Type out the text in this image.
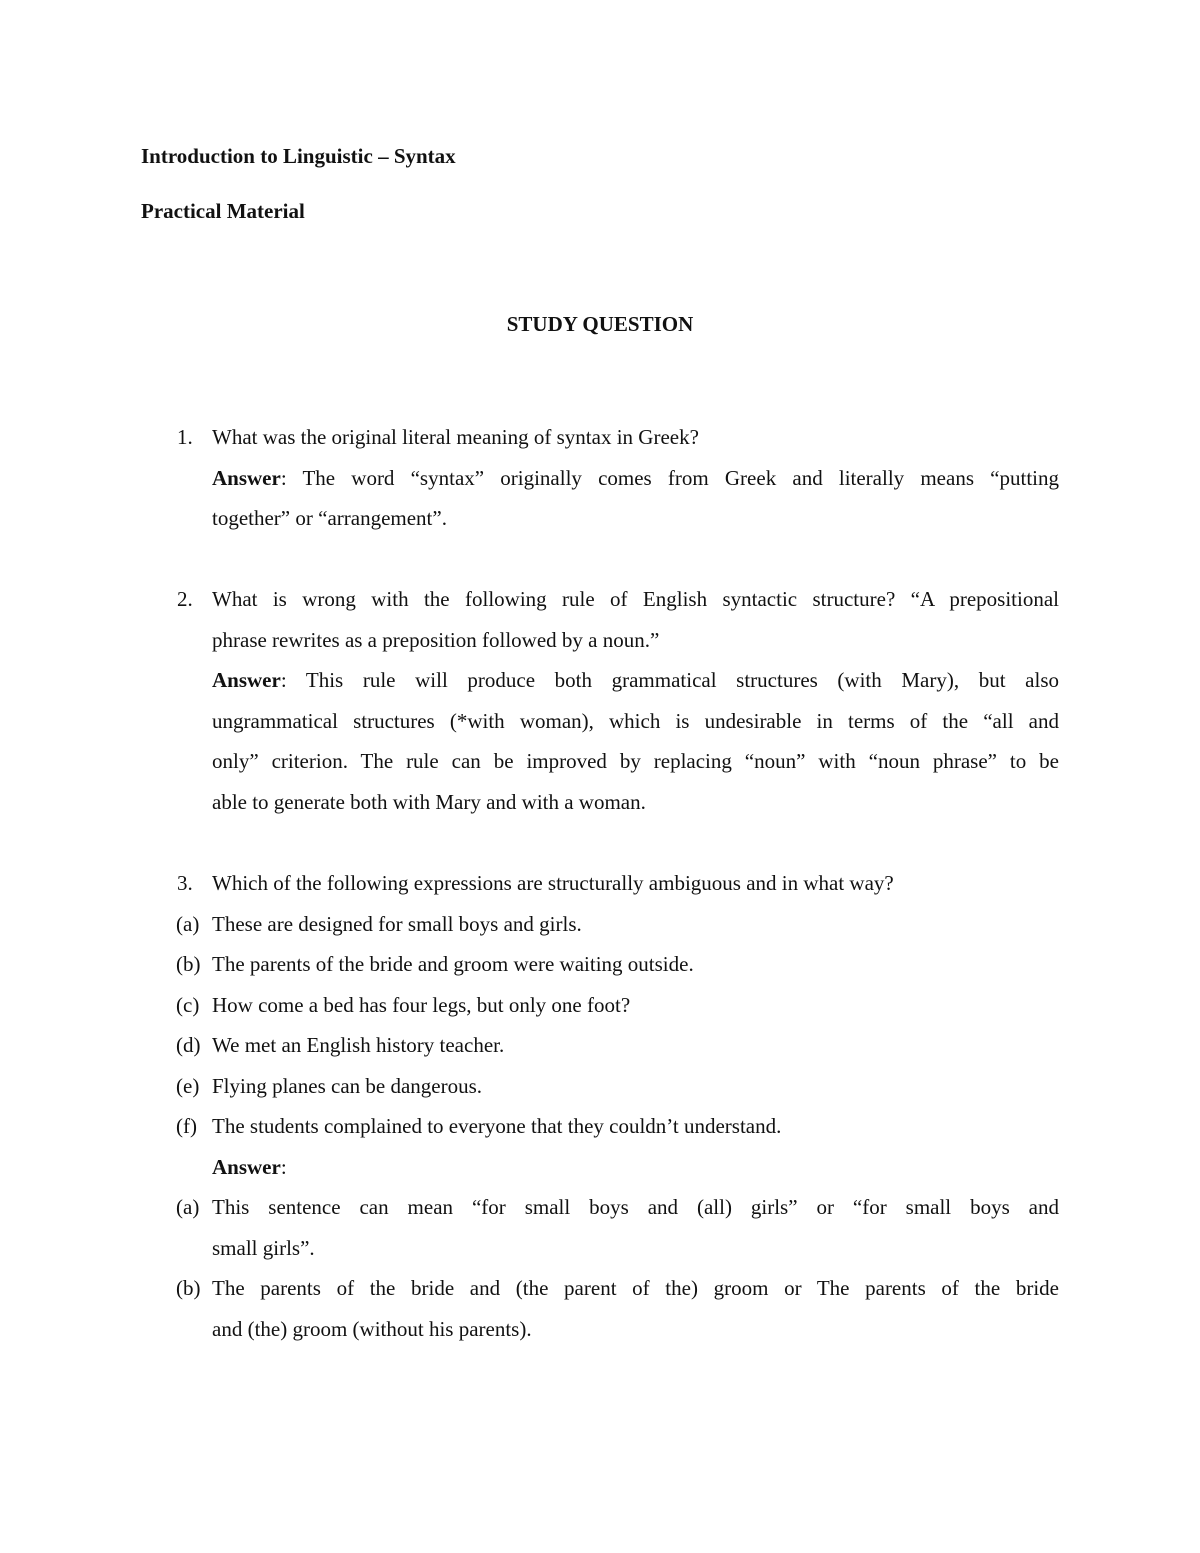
Introduction to Linguistic – Syntax
Practical Material
STUDY QUESTION
1. What was the original literal meaning of syntax in Greek?
Answer: The word “syntax” originally comes from Greek and literally means “putting
together” or “arrangement”.
2. What is wrong with the following rule of English syntactic structure? “A prepositional
phrase rewrites as a preposition followed by a noun.”
Answer: This rule will produce both grammatical structures (with Mary), but also
ungrammatical structures (*with woman), which is undesirable in terms of the “all and
only” criterion. The rule can be improved by replacing “noun” with “noun phrase” to be
able to generate both with Mary and with a woman.
3. Which of the following expressions are structurally ambiguous and in what way?
(a) These are designed for small boys and girls.
(b) The parents of the bride and groom were waiting outside.
(c) How come a bed has four legs, but only one foot?
(d) We met an English history teacher.
(e) Flying planes can be dangerous.
(f) The students complained to everyone that they couldn’t understand.
Answer:
(a) This sentence can mean “for small boys and (all) girls” or “for small boys and
small girls”.
(b) The parents of the bride and (the parent of the) groom or The parents of the bride
and (the) groom (without his parents).
